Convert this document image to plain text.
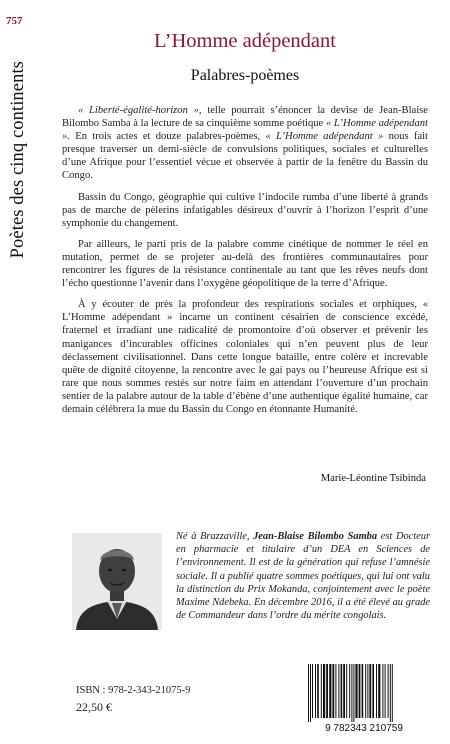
757
Poètes des cinq continents
L’Homme adépendant
Palabres-poèmes

« Liberté-égalité-horizon », telle pourrait s’énoncer la devise de Jean-Blaise Bilombo Samba à la lecture de sa cinquième somme poétique « L’Homme adépendant ». En trois actes et douze palabres-poèmes, « L’Homme adépendant » nous fait presque traverser un demi-siècle de convulsions politiques, sociales et culturelles d’une Afrique pour l’essentiel vécue et observée à partir de la fenêtre du Bassin du Congo.

Bassin du Congo, géographie qui cultive l’indocile rumba d’une liberté à grands pas de marche de pèlerins infatigables désireux d’ouvrir à l’horizon l’esprit d’une symphonie du changement.

Par ailleurs, le parti pris de la palabre comme cinétique de nommer le réel en mutation, permet de se projeter au-delà des frontières communautaires pour rencontrer les figures de la résistance continentale au tant que les rêves neufs dont l’écho questionne l’avenir dans l’oxygène géopolitique de la terre d’Afrique.

À y écouter de près la profondeur des respirations sociales et orphiques, « L’Homme adépendant » incarne un continent césairien de conscience excédé, fraternel et irradiant une radicalité de promontoire d’où observer et prévenir les manigances d’incurables officines coloniales qui n’en peuvent plus de leur déclassement civilisationnel. Dans cette longue bataille, entre colère et increvable quête de dignité citoyenne, la rencontre avec le gai pays ou l’heureuse Afrique est si rare que nous sommes restés sur notre faim en attendant l’ouverture d’un prochain sentier de la palabre autour de la table d’ébène d’une authentique égalité humaine, car demain célébrera la mue du Bassin du Congo en étonnante Humanité.

Marie-Léontine Tsibinda
Né à Brazzaville, Jean-Blaise Bilombo Samba est Docteur en pharmacie et titulaire d’un DEA en Sciences de l’environnement. Il est de la génération qui refuse l’amnésie sociale. Il a publié quatre sommes poétiques, qui lui ont valu la distinction du Prix Mokanda, conjointement avec le poète Maxime Ndebeka. En décembre 2016, il a été élevé au grade de Commandeur dans l’ordre du mérite congolais.
ISBN : 978-2-343-21075-9
22,50 €
9 782343 210759
